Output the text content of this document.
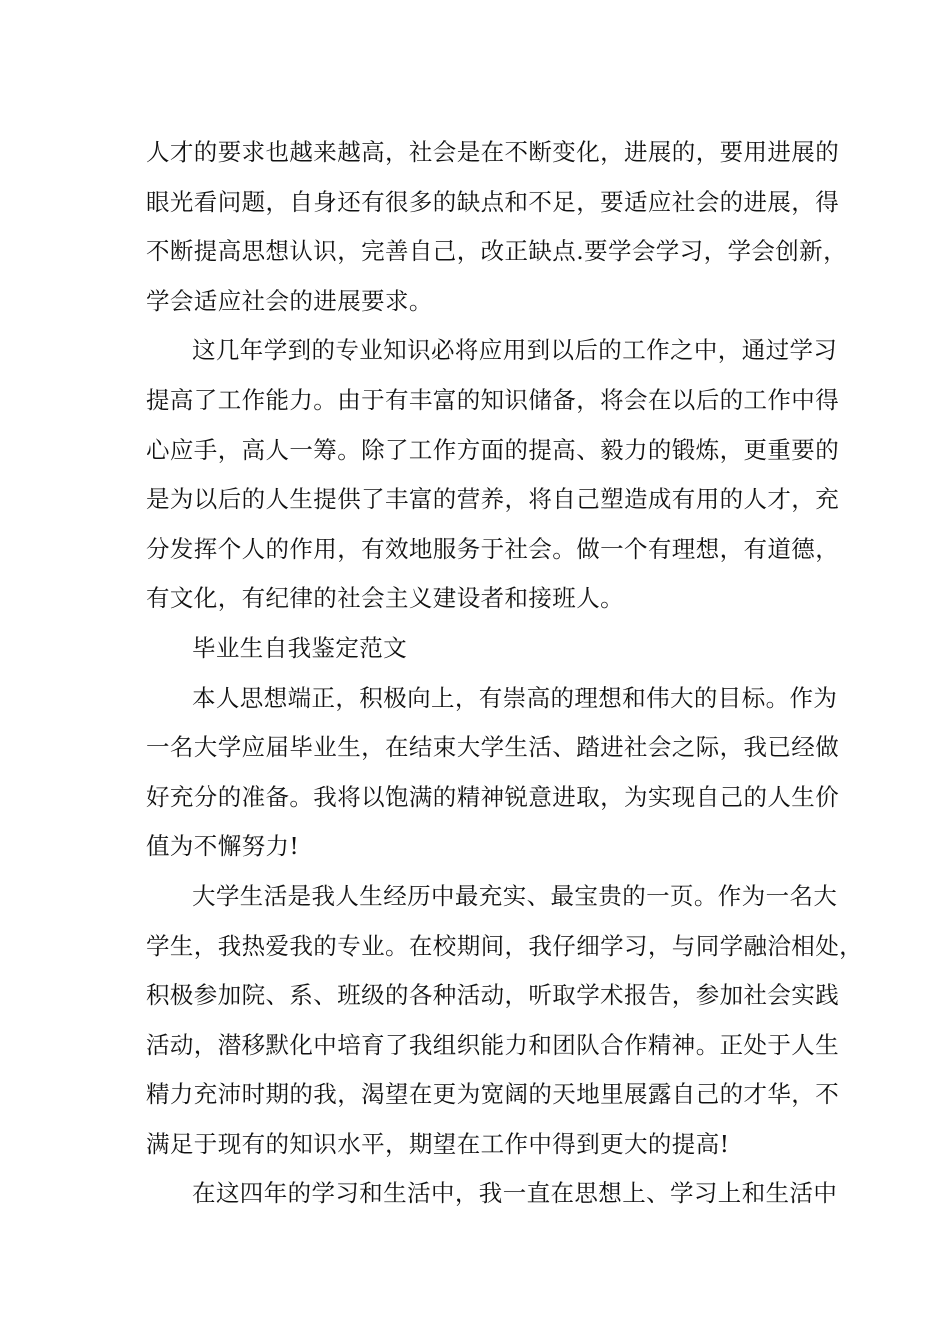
人才的要求也越来越高，社会是在不断变化，进展的，要用进展的
眼光看问题，自身还有很多的缺点和不足，要适应社会的进展，得
不断提高思想认识，完善自己，改正缺点.要学会学习，学会创新，
学会适应社会的进展要求。
这几年学到的专业知识必将应用到以后的工作之中，通过学习
提高了工作能力。由于有丰富的知识储备，将会在以后的工作中得
心应手，高人一筹。除了工作方面的提高、毅力的锻炼，更重要的
是为以后的人生提供了丰富的营养，将自己塑造成有用的人才，充
分发挥个人的作用，有效地服务于社会。做一个有理想，有道德，
有文化，有纪律的社会主义建设者和接班人。
毕业生自我鉴定范文
本人思想端正，积极向上，有崇高的理想和伟大的目标。作为
一名大学应届毕业生，在结束大学生活、踏进社会之际，我已经做
好充分的准备。我将以饱满的精神锐意进取，为实现自己的人生价
值为不懈努力!
大学生活是我人生经历中最充实、最宝贵的一页。作为一名大
学生，我热爱我的专业。在校期间，我仔细学习，与同学融洽相处，
积极参加院、系、班级的各种活动，听取学术报告，参加社会实践
活动，潜移默化中培育了我组织能力和团队合作精神。正处于人生
精力充沛时期的我，渴望在更为宽阔的天地里展露自己的才华，不
满足于现有的知识水平，期望在工作中得到更大的提高!
在这四年的学习和生活中，我一直在思想上、学习上和生活中
